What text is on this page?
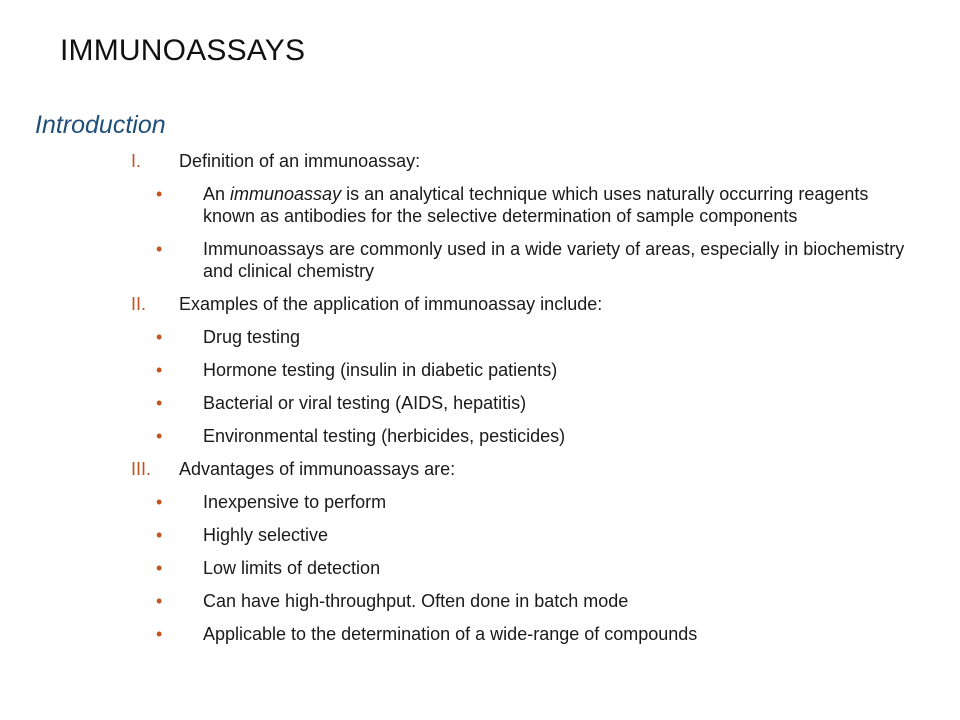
IMMUNOASSAYS
Introduction
I. Definition of an immunoassay:
• An immunoassay is an analytical technique which uses naturally occurring reagents known as antibodies for the selective determination of sample components
• Immunoassays are commonly used in a wide variety of areas, especially in biochemistry and clinical chemistry
II. Examples of the application of immunoassay include:
• Drug testing
• Hormone testing (insulin in diabetic patients)
• Bacterial or viral testing (AIDS, hepatitis)
• Environmental testing (herbicides, pesticides)
III. Advantages of immunoassays are:
• Inexpensive to perform
• Highly selective
• Low limits of detection
• Can have high-throughput. Often done in batch mode
• Applicable to the determination of a wide-range of compounds
